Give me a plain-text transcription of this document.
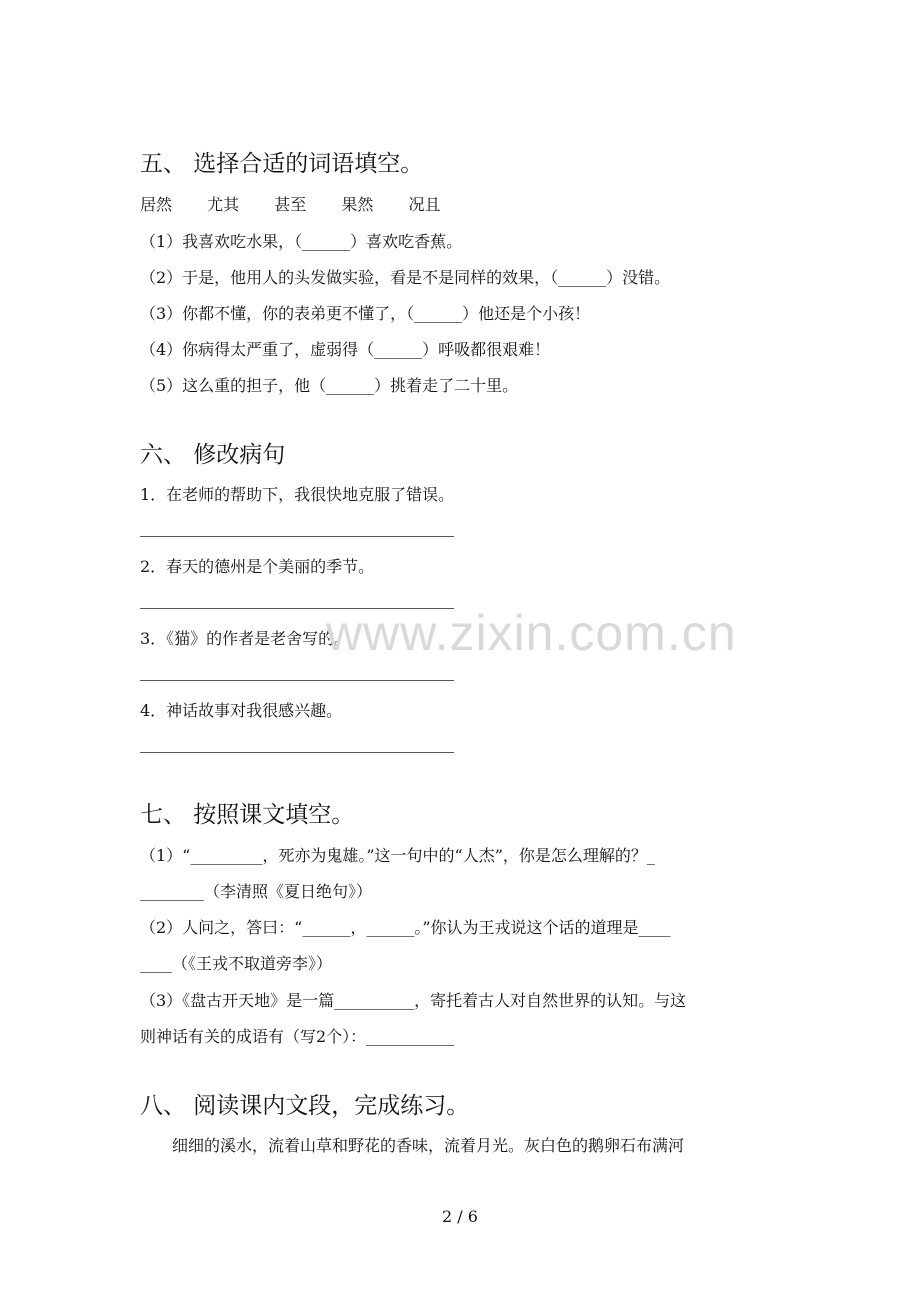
五、 选择合适的词语填空。
居然 尤其 甚至 果然 况且
（1）我喜欢吃水果，（______）喜欢吃香蕉。
（2）于是，他用人的头发做实验，看是不是同样的效果，（______）没错。
（3）你都不懂，你的表弟更不懂了，（______）他还是个小孩！
（4）你病得太严重了，虚弱得（______）呼吸都很艰难！
（5）这么重的担子，他（______）挑着走了二十里。
六、 修改病句
1．在老师的帮助下，我很快地克服了错误。
2．春天的德州是个美丽的季节。
3．《猫》的作者是老舍写的。
4．神话故事对我很感兴趣。
www.zixin.com.cn
七、 按照课文填空。
（1）“_________，死亦为鬼雄。”这一句中的“人杰”，你是怎么理解的？_
________（李清照《夏日绝句》）
（2）人问之，答曰：“______，______。”你认为王戎说这个话的道理是____
____（《王戎不取道旁李》）
（3）《盘古开天地》是一篇__________，寄托着古人对自然世界的认知。与这
则神话有关的成语有（写2个）：___________
八、 阅读课内文段，完成练习。
细细的溪水，流着山草和野花的香味，流着月光。灰白色的鹅卵石布满河
2 / 6
